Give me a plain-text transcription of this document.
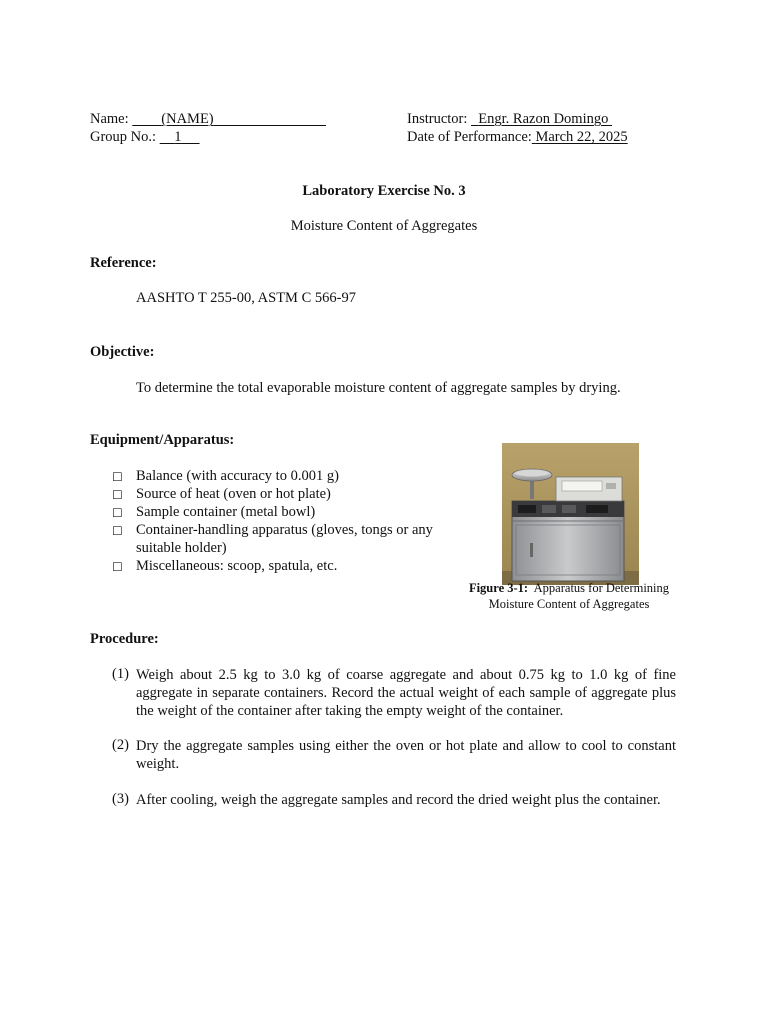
Name: (NAME)
Group No.: 1
Instructor: Engr. Razon Domingo
Date of Performance: March 22, 2025
Laboratory Exercise No. 3
Moisture Content of Aggregates
Reference:
AASHTO T 255-00, ASTM C 566-97
Objective:
To determine the total evaporable moisture content of aggregate samples by drying.
Equipment/Apparatus:
☐ Balance (with accuracy to 0.001 g)
☐ Source of heat (oven or hot plate)
☐ Sample container (metal bowl)
☐ Container-handling apparatus (gloves, tongs or any
suitable holder)
☐ Miscellaneous: scoop, spatula, etc.
Figure 3-1: Apparatus for Determining
Moisture Content of Aggregates
Procedure:
(1) Weigh about 2.5 kg to 3.0 kg of coarse aggregate and about 0.75 kg to 1.0 kg of fine aggregate in separate containers. Record the actual weight of each sample of aggregate plus the weight of the container after taking the empty weight of the container.
(2) Dry the aggregate samples using either the oven or hot plate and allow to cool to constant weight.
(3) After cooling, weigh the aggregate samples and record the dried weight plus the container.
